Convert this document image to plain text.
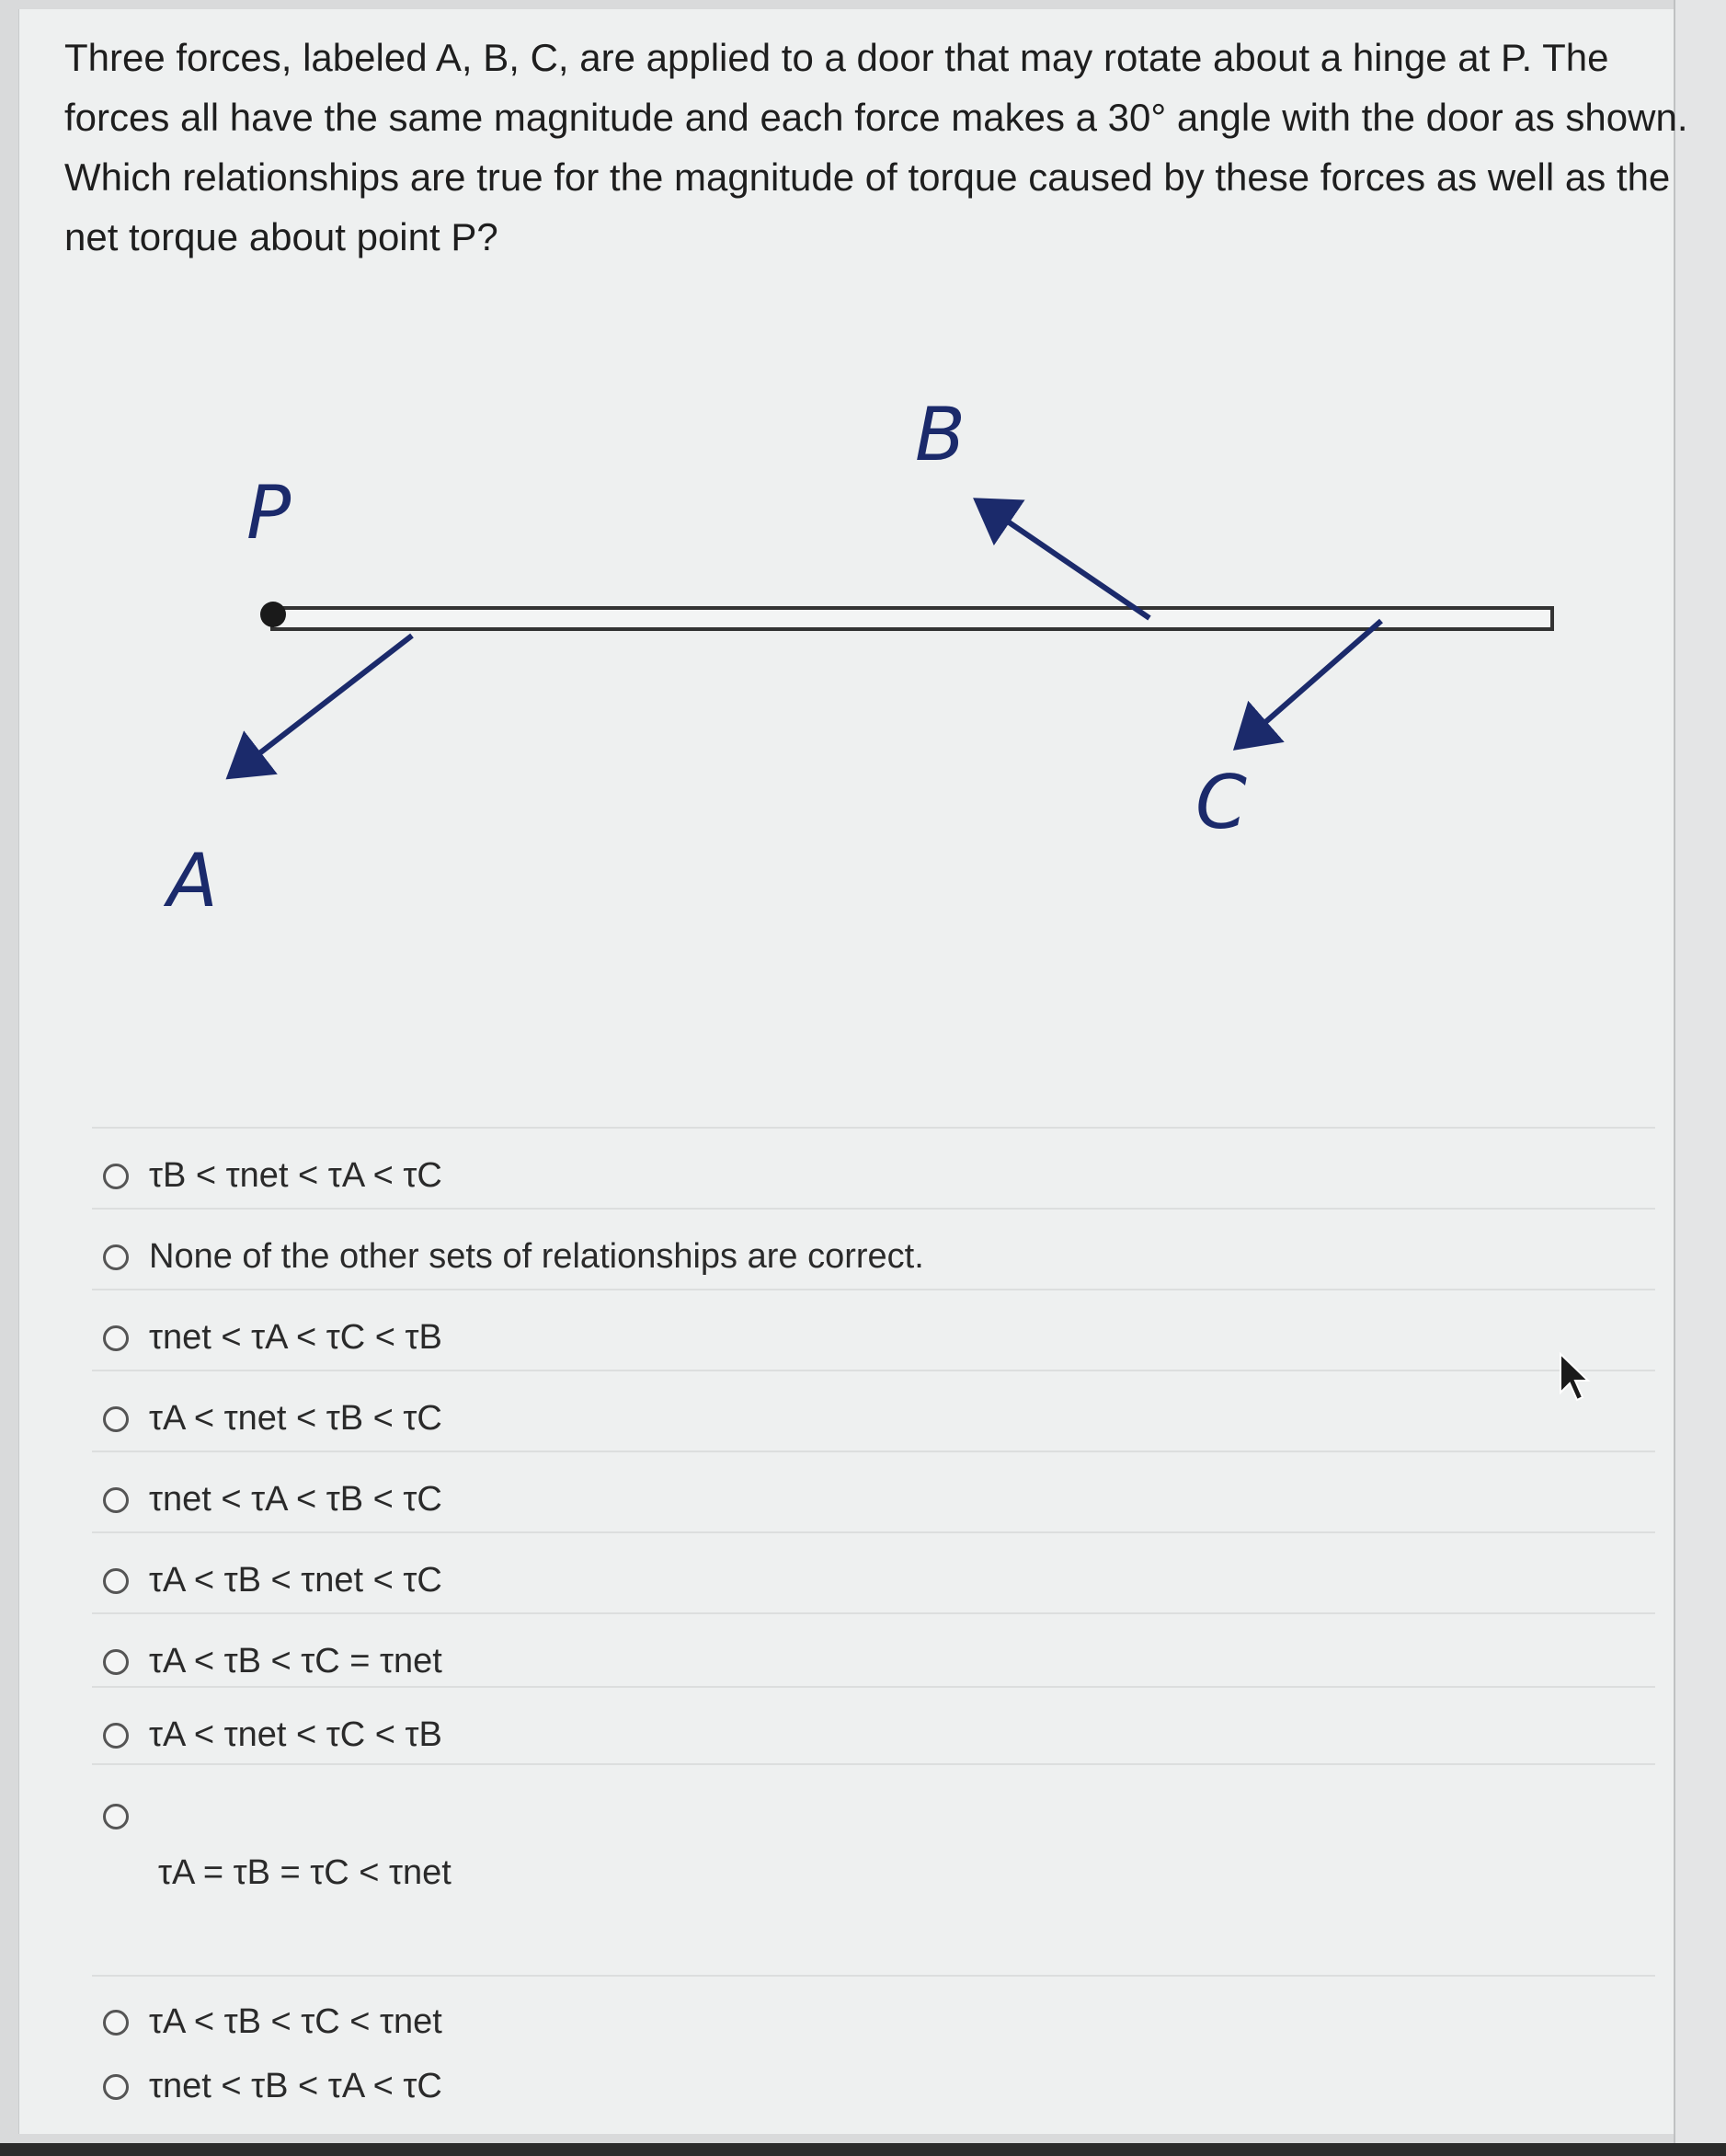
Three forces, labeled A, B, C, are applied to a door that may rotate about a hinge at P. The forces all have the same magnitude and each force makes a 30° angle with the door as shown. Which relationships are true for the magnitude of torque caused by these forces as well as the net torque about point P?
P
A
B
C
τB < τnet < τA < τC
None of the other sets of relationships are correct.
τnet < τA < τC < τB
τA < τnet < τB < τC
τnet < τA < τB < τC
τA < τB < τnet < τC
τA < τB < τC = τnet
τA < τnet < τC < τB
τA = τB = τC < τnet
τA < τB < τC < τnet
τnet < τB < τA < τC
